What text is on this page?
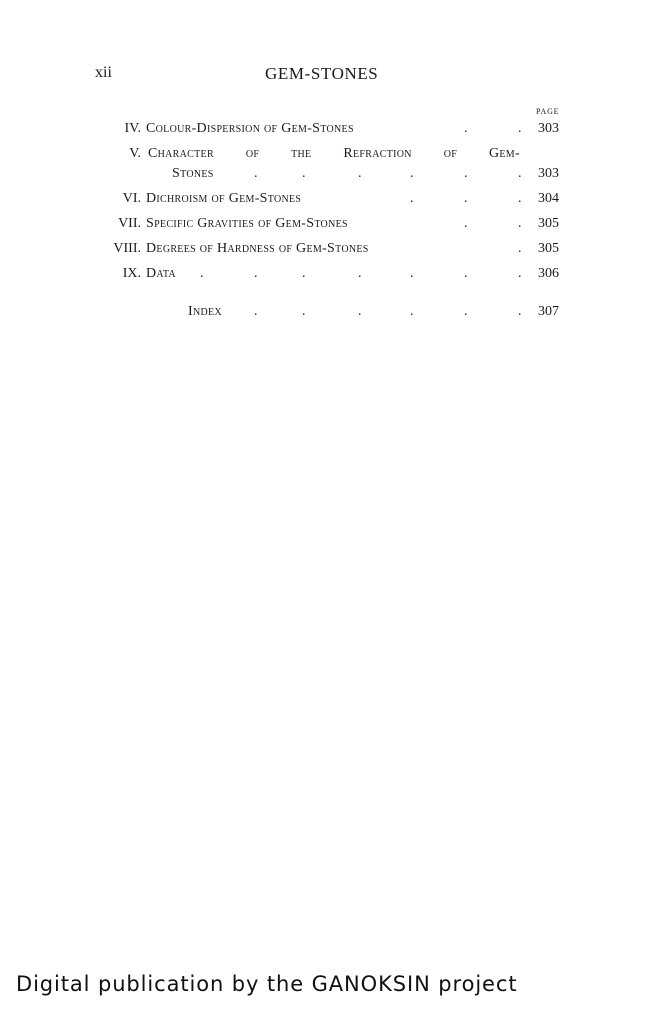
xii	GEM-STONES
PAGE
IV. Colour-Dispersion of Gem-Stones	.	. 303
V. Character of the Refraction of Gem-
Stones	.	.	.	.	.	. 303
VI. Dichroism of Gem-Stones	.	.	. 304
VII. Specific Gravities of Gem-Stones	.	. 305
VIII. Degrees of Hardness of Gem-Stones	. 305
IX. Data .	.	.	.	.	.	. 306
Index .	.	.	.	.	. 307
Digital publication by the GANOKSIN project
